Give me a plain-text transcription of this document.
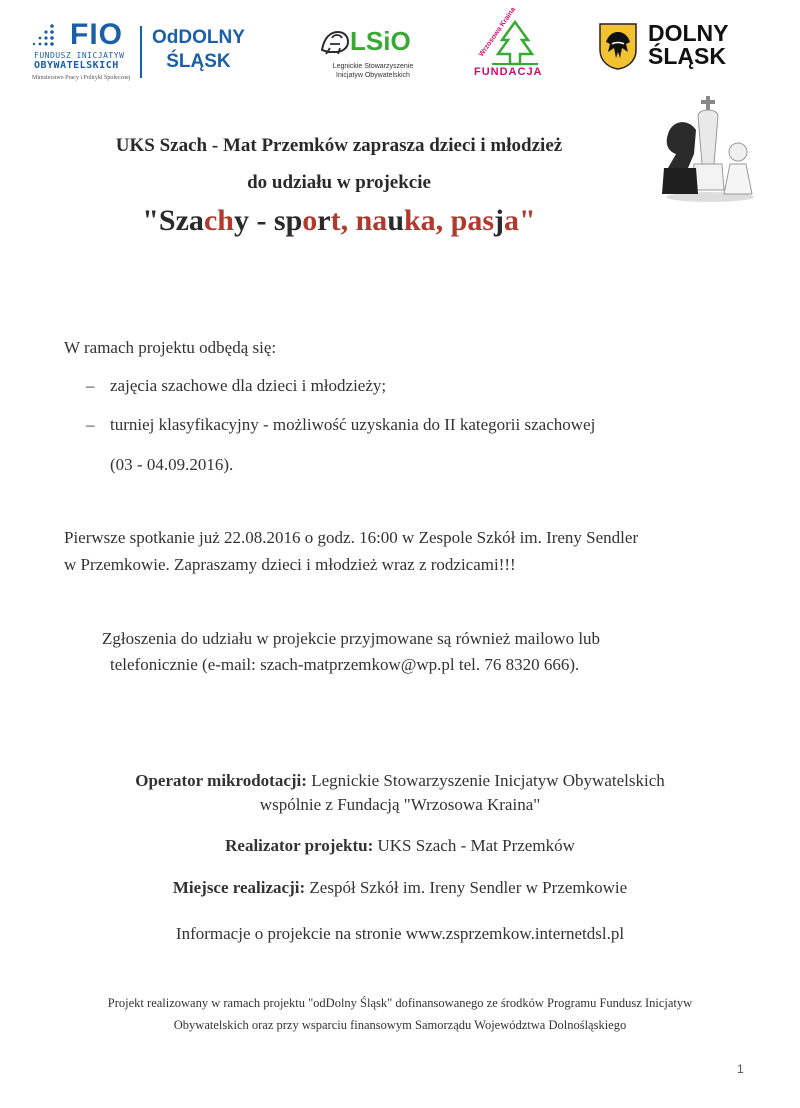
FIO
FUNDUSZ INICJATYW
OBYWATELSKICH
Ministerstwo Pracy i Polityki Społecznej
OdDOLNY
ŚLĄSK
LSiO
Legnickie Stowarzyszenie
Inicjatyw Obywatelskich
Wrzosowa Kraina
FUNDACJA
DOLNY
ŚLĄSK
UKS Szach - Mat Przemków zaprasza dzieci i młodzież
do udziału w projekcie
"Szachy - sport, nauka, pasja"
W ramach projektu odbędą się:
– zajęcia szachowe dla dzieci i młodzieży;
– turniej klasyfikacyjny - możliwość uzyskania do II kategorii szachowej
(03 - 04.09.2016).
Pierwsze spotkanie już 22.08.2016 o godz. 16:00 w Zespole Szkół im. Ireny Sendler
w Przemkowie. Zapraszamy dzieci i młodzież wraz z rodzicami!!!
Zgłoszenia do udziału w projekcie przyjmowane są również mailowo lub
telefonicznie (e-mail: szach-matprzemkow@wp.pl tel. 76 8320 666).
Operator mikrodotacji: Legnickie Stowarzyszenie Inicjatyw Obywatelskich
wspólnie z Fundacją "Wrzosowa Kraina"
Realizator projektu: UKS Szach - Mat Przemków
Miejsce realizacji: Zespół Szkół im. Ireny Sendler w Przemkowie
Informacje o projekcie na stronie www.zsprzemkow.internetdsl.pl
Projekt realizowany w ramach projektu "odDolny Śląsk" dofinansowanego ze środków Programu Fundusz Inicjatyw
Obywatelskich oraz przy wsparciu finansowym Samorządu Województwa Dolnośląskiego
1
